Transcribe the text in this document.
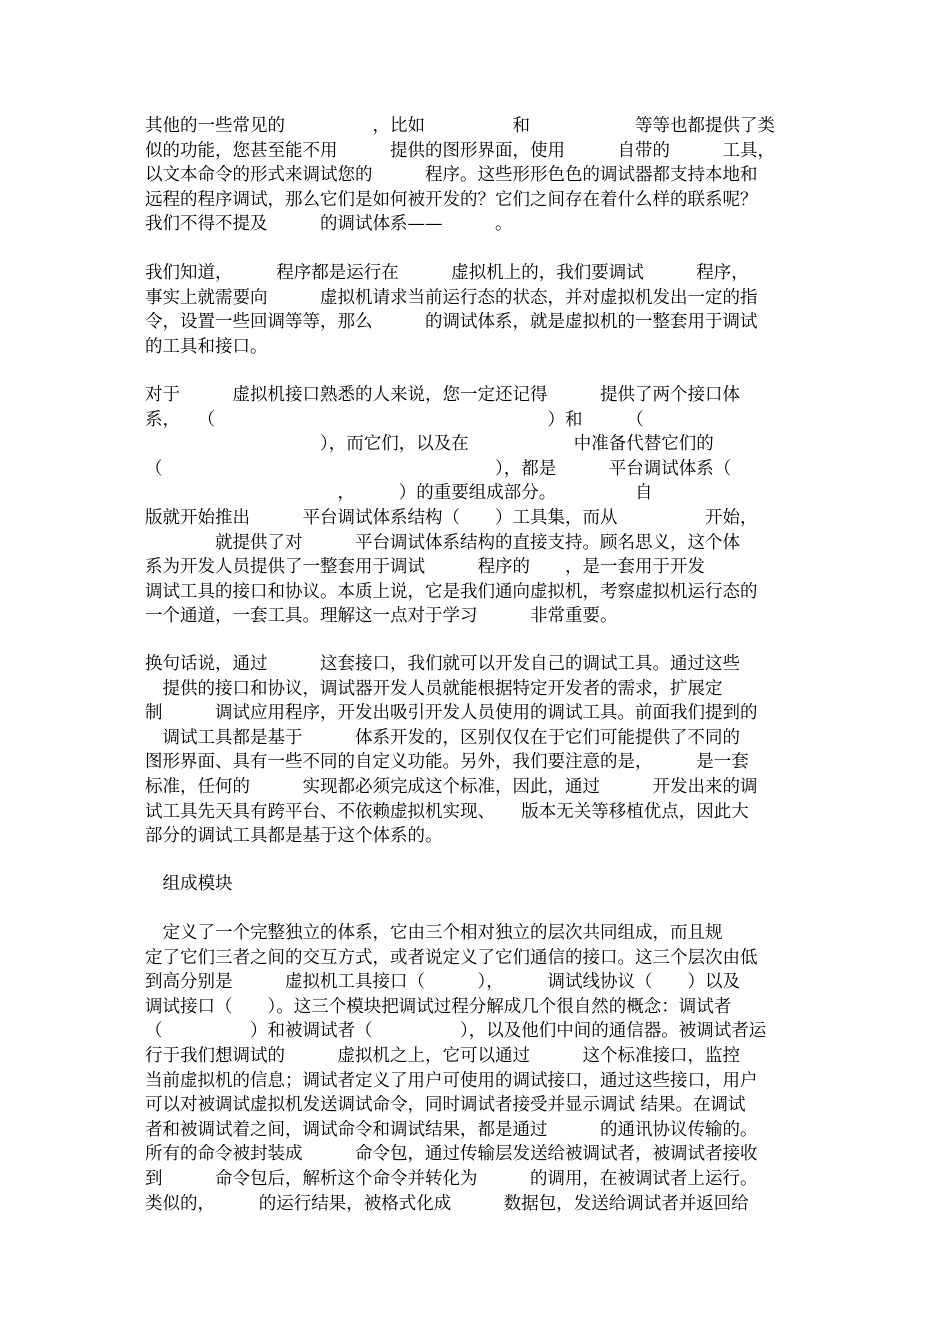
其他的一些常见的　　　　　，比如　　　　　和　　　　　　等等也都提供了类
似的功能，您甚至能不用　　　提供的图形界面，使用　　　自带的　　　工具，
以文本命令的形式来调试您的　　　程序。这些形形色色的调试器都支持本地和
远程的程序调试，那么它们是如何被开发的？它们之间存在着什么样的联系呢？
我们不得不提及　　　的调试体系——　　　。
我们知道，　　　程序都是运行在　　　虚拟机上的，我们要调试　　　程序，
事实上就需要向　　　虚拟机请求当前运行态的状态，并对虚拟机发出一定的指
令，设置一些回调等等，那么　　　的调试体系，就是虚拟机的一整套用于调试
的工具和接口。
对于　　　虚拟机接口熟悉的人来说，您一定还记得　　　提供了两个接口体
系，　　（　　　　　　　　　　　　　　　　　　　）和　　　（
　　　　　　　　　　），而它们，以及在　　　　　　中准备代替它们的
（　　　　　　　　　　　　　　　　　　　），都是　　　平台调试体系（
　　　　　　　　　　　，　　　）的重要组成部分。　　　　　自
版就开始推出　　　平台调试体系结构（　　）工具集，而从　　　　　开始，
　　　　就提供了对　　　平台调试体系结构的直接支持。顾名思义，这个体
系为开发人员提供了一整套用于调试　　　程序的　　，是一套用于开发
调试工具的接口和协议。本质上说，它是我们通向虚拟机，考察虚拟机运行态的
一个通道，一套工具。理解这一点对于学习　　　非常重要。
换句话说，通过　　　这套接口，我们就可以开发自己的调试工具。通过这些
　提供的接口和协议，调试器开发人员就能根据特定开发者的需求，扩展定
制　　　调试应用程序，开发出吸引开发人员使用的调试工具。前面我们提到的
　调试工具都是基于　　　体系开发的，区别仅仅在于它们可能提供了不同的
图形界面、具有一些不同的自定义功能。另外，我们要注意的是，　　　是一套
标准，任何的　　　实现都必须完成这个标准，因此，通过　　　开发出来的调
试工具先天具有跨平台、不依赖虚拟机实现、　　版本无关等移植优点，因此大
部分的调试工具都是基于这个体系的。
　组成模块
　定义了一个完整独立的体系，它由三个相对独立的层次共同组成，而且规
定了它们三者之间的交互方式，或者说定义了它们通信的接口。这三个层次由低
到高分别是　　　虚拟机工具接口（　　　），　　　调试线协议（　　）以及
调试接口（　　）。这三个模块把调试过程分解成几个很自然的概念：调试者
（　　　　　）和被调试者（　　　　　），以及他们中间的通信器。被调试者运
行于我们想调试的　　　虚拟机之上，它可以通过　　　这个标准接口，监控
当前虚拟机的信息；调试者定义了用户可使用的调试接口，通过这些接口，用户
可以对被调试虚拟机发送调试命令，同时调试者接受并显示调试 结果。在调试
者和被调试着之间，调试命令和调试结果，都是通过　　　的通讯协议传输的。
所有的命令被封装成　　　命令包，通过传输层发送给被调试者，被调试者接收
到　　　命令包后，解析这个命令并转化为　　　的调用，在被调试者上运行。
类似的，　　　的运行结果，被格式化成　　　数据包，发送给调试者并返回给
